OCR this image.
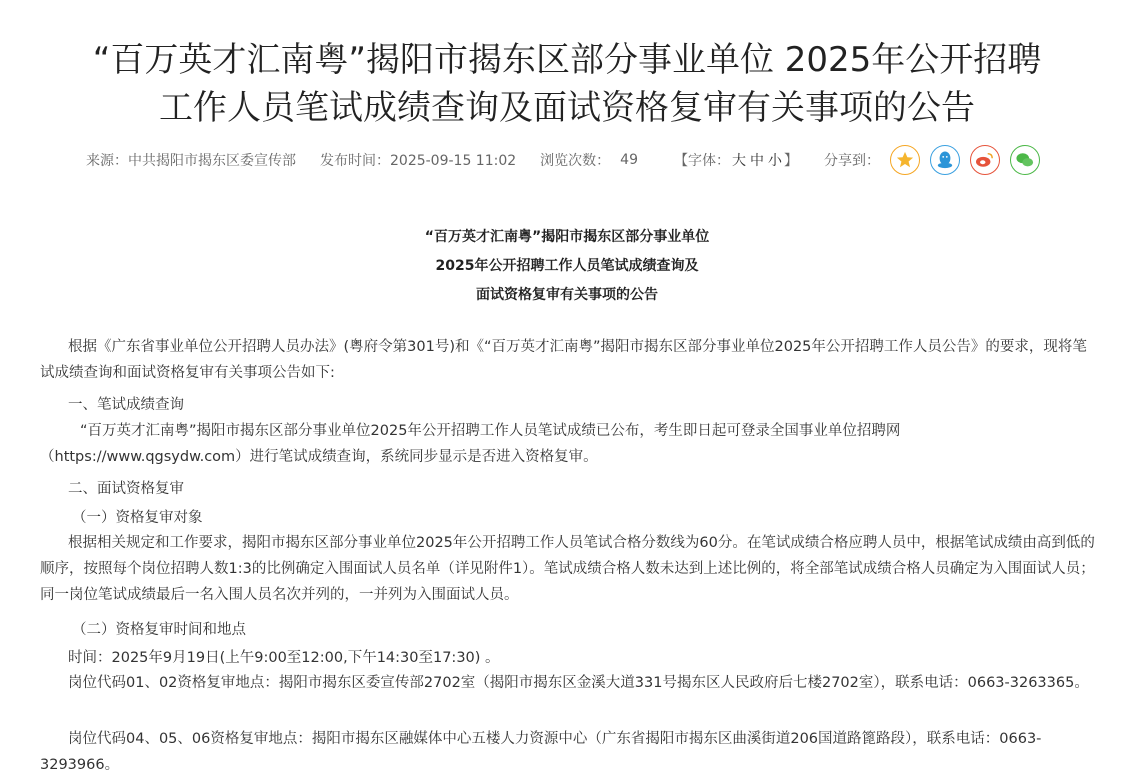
“百万英才汇南粤”揭阳市揭东区部分事业单位 2025年公开招聘
工作人员笔试成绩查询及面试资格复审有关事项的公告
来源：中共揭阳市揭东区委宣传部 发布时间：2025-09-15 11:02 浏览次数： 49	【字体： 大 中 小 】 分享到：
“百万英才汇南粤”揭阳市揭东区部分事业单位
2025年公开招聘工作人员笔试成绩查询及
面试资格复审有关事项的公告
根据《广东省事业单位公开招聘人员办法》(粤府令第301号)和《“百万英才汇南粤”揭阳市揭东区部分事业单位2025年公开招聘工作人员公告》的要求，现将笔试成绩查询和面试资格复审有关事项公告如下:
一、笔试成绩查询
“百万英才汇南粤”揭阳市揭东区部分事业单位2025年公开招聘工作人员笔试成绩已公布，考生即日起可登录全国事业单位招聘网（https://www.qgsydw.com）进行笔试成绩查询，系统同步显示是否进入资格复审。
二、面试资格复审
（一）资格复审对象
根据相关规定和工作要求，揭阳市揭东区部分事业单位2025年公开招聘工作人员笔试合格分数线为60分。在笔试成绩合格应聘人员中，根据笔试成绩由高到低的顺序，按照每个岗位招聘人数1:3的比例确定入围面试人员名单（详见附件1）。笔试成绩合格人数未达到上述比例的，将全部笔试成绩合格人员确定为入围面试人员；同一岗位笔试成绩最后一名入围人员名次并列的，一并列为入围面试人员。
（二）资格复审时间和地点
时间：2025年9月19日(上午9:00至12:00,下午14:30至17:30) 。
岗位代码01、02资格复审地点：揭阳市揭东区委宣传部2702室（揭阳市揭东区金溪大道331号揭东区人民政府后七楼2702室），联系电话：0663-3263365。
岗位代码04、05、06资格复审地点：揭阳市揭东区融媒体中心五楼人力资源中心（广东省揭阳市揭东区曲溪街道206国道路篦路段），联系电话：0663-3293966。
